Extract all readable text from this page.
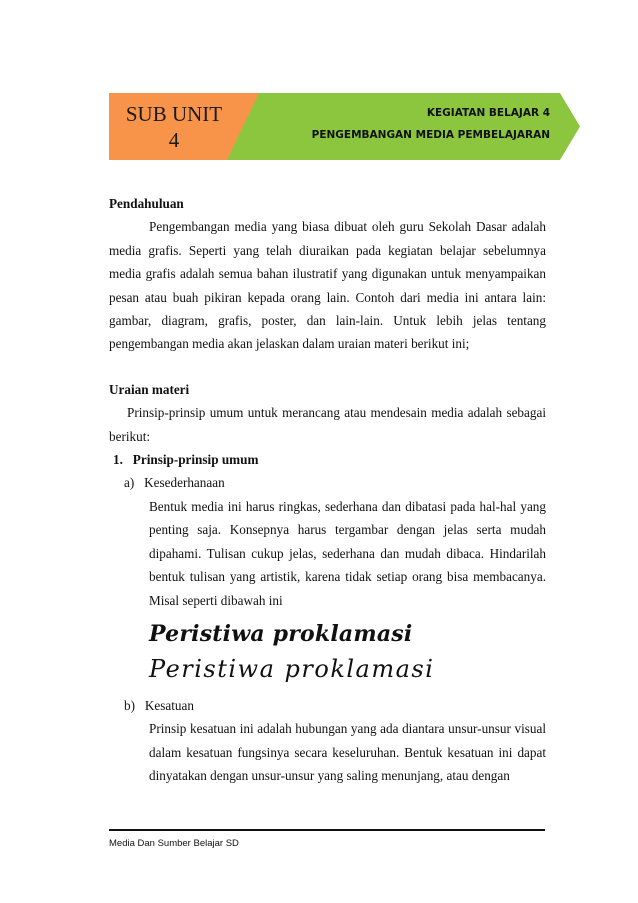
SUB UNIT
4
KEGIATAN BELAJAR 4
PENGEMBANGAN MEDIA PEMBELAJARAN

Pendahuluan

Pengembangan media yang biasa dibuat oleh guru Sekolah Dasar adalah media grafis. Seperti yang telah diuraikan pada kegiatan belajar sebelumnya media grafis adalah semua bahan ilustratif yang digunakan untuk menyampaikan pesan atau buah pikiran kepada orang lain. Contoh dari media ini antara lain: gambar, diagram, grafis, poster, dan lain-lain. Untuk lebih jelas tentang pengembangan media akan jelaskan dalam uraian materi berikut ini;

Uraian materi

Prinsip-prinsip umum untuk merancang atau mendesain media adalah sebagai berikut:

1.   Prinsip-prinsip umum

a)   Kesederhanaan

Bentuk media ini harus ringkas, sederhana dan dibatasi pada hal-hal yang penting saja. Konsepnya harus tergambar dengan jelas serta mudah dipahami. Tulisan cukup jelas, sederhana dan mudah dibaca. Hindarilah bentuk tulisan yang artistik, karena tidak setiap orang bisa membacanya. Misal seperti dibawah ini

Peristiwa proklamasi
Peristiwa proklamasi

b)   Kesatuan

Prinsip kesatuan ini adalah hubungan yang ada diantara unsur-unsur visual dalam kesatuan fungsinya secara keseluruhan. Bentuk kesatuan ini dapat dinyatakan dengan unsur-unsur yang saling menunjang, atau dengan

Media Dan Sumber Belajar SD
